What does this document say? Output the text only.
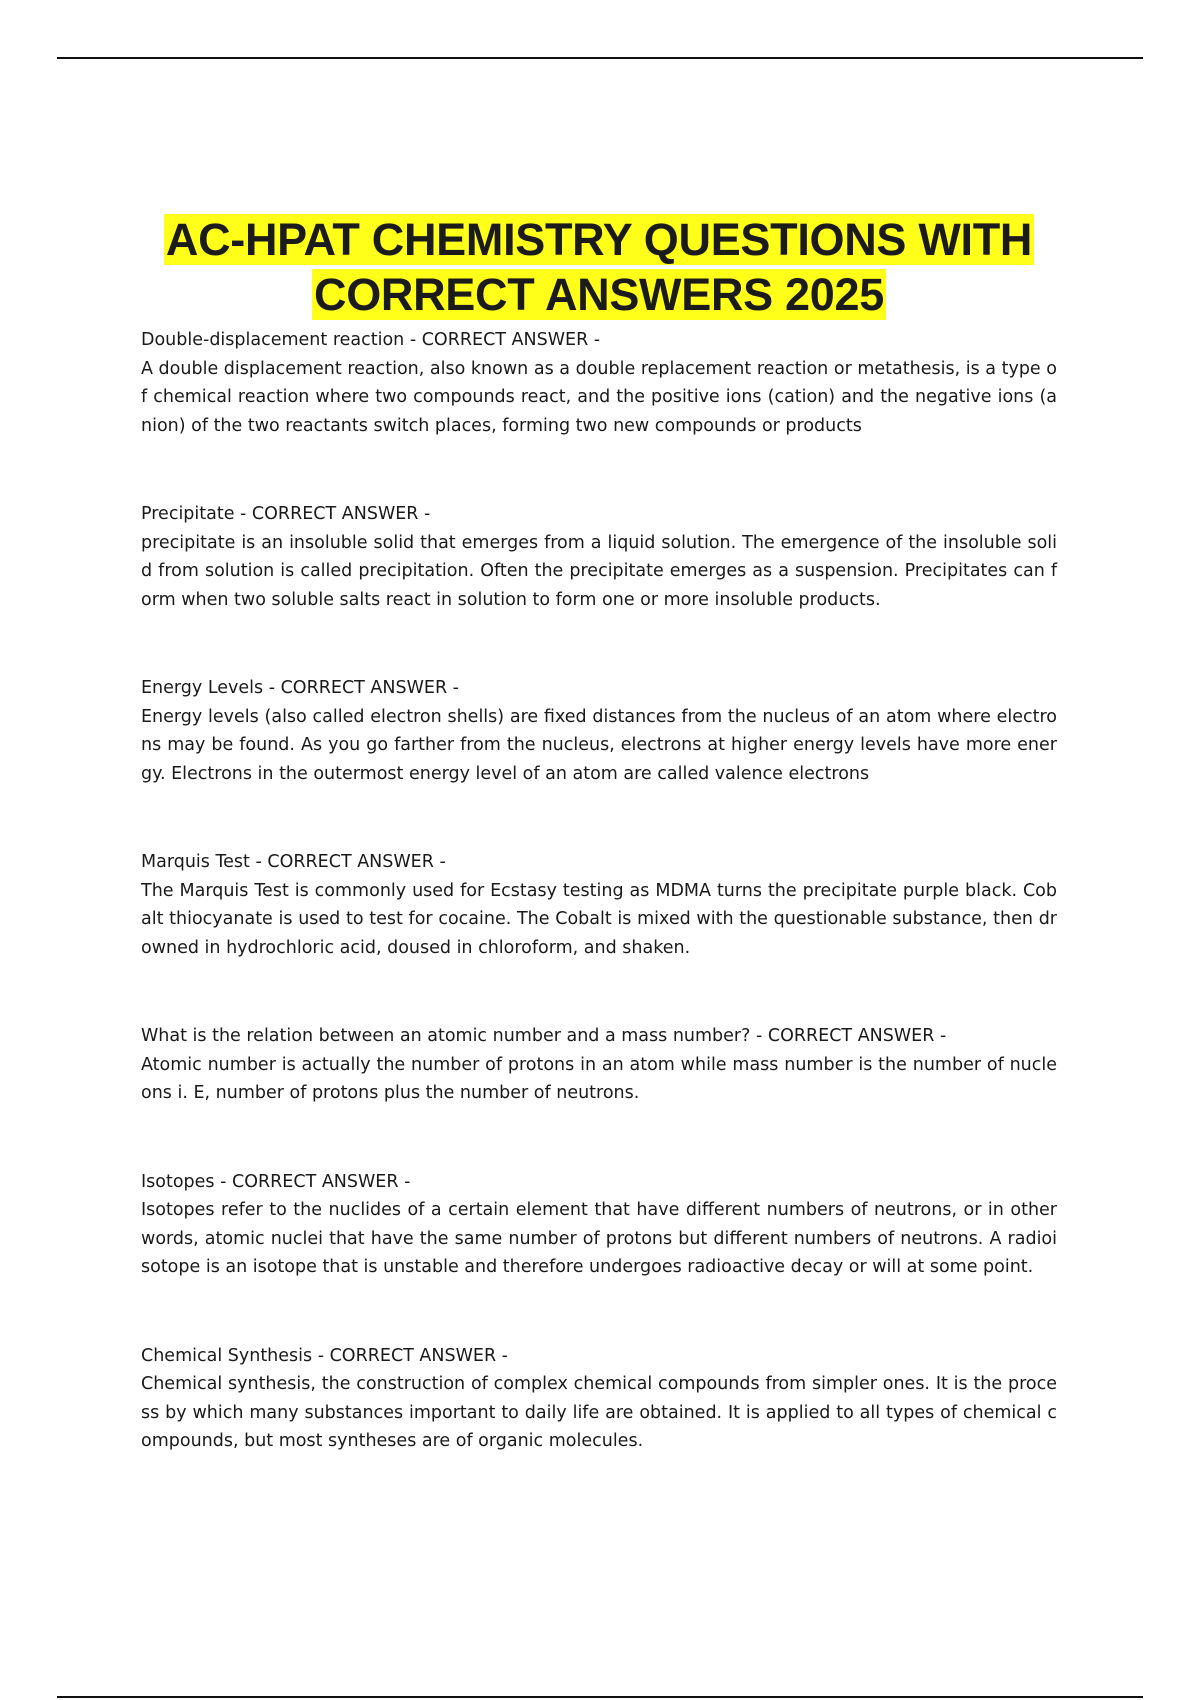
AC-HPAT CHEMISTRY QUESTIONS WITH
CORRECT ANSWERS 2025
Double-displacement reaction - CORRECT ANSWER -
A double displacement reaction, also known as a double replacement reaction or metathesis, is a type of chemical reaction where two compounds react, and the positive ions (cation) and the negative ions (anion) of the two reactants switch places, forming two new compounds or products
Precipitate - CORRECT ANSWER -
precipitate is an insoluble solid that emerges from a liquid solution. The emergence of the insoluble solid from solution is called precipitation. Often the precipitate emerges as a suspension. Precipitates can form when two soluble salts react in solution to form one or more insoluble products.
Energy Levels - CORRECT ANSWER -
Energy levels (also called electron shells) are fixed distances from the nucleus of an atom where electrons may be found. As you go farther from the nucleus, electrons at higher energy levels have more energy. Electrons in the outermost energy level of an atom are called valence electrons
Marquis Test - CORRECT ANSWER -
The Marquis Test is commonly used for Ecstasy testing as MDMA turns the precipitate purple black. Cobalt thiocyanate is used to test for cocaine. The Cobalt is mixed with the questionable substance, then drowned in hydrochloric acid, doused in chloroform, and shaken.
What is the relation between an atomic number and a mass number? - CORRECT ANSWER -
Atomic number is actually the number of protons in an atom while mass number is the number of nucleons i. E, number of protons plus the number of neutrons.
Isotopes - CORRECT ANSWER -
Isotopes refer to the nuclides of a certain element that have different numbers of neutrons, or in other words, atomic nuclei that have the same number of protons but different numbers of neutrons. A radioisotope is an isotope that is unstable and therefore undergoes radioactive decay or will at some point.
Chemical Synthesis - CORRECT ANSWER -
Chemical synthesis, the construction of complex chemical compounds from simpler ones. It is the process by which many substances important to daily life are obtained. It is applied to all types of chemical compounds, but most syntheses are of organic molecules.
